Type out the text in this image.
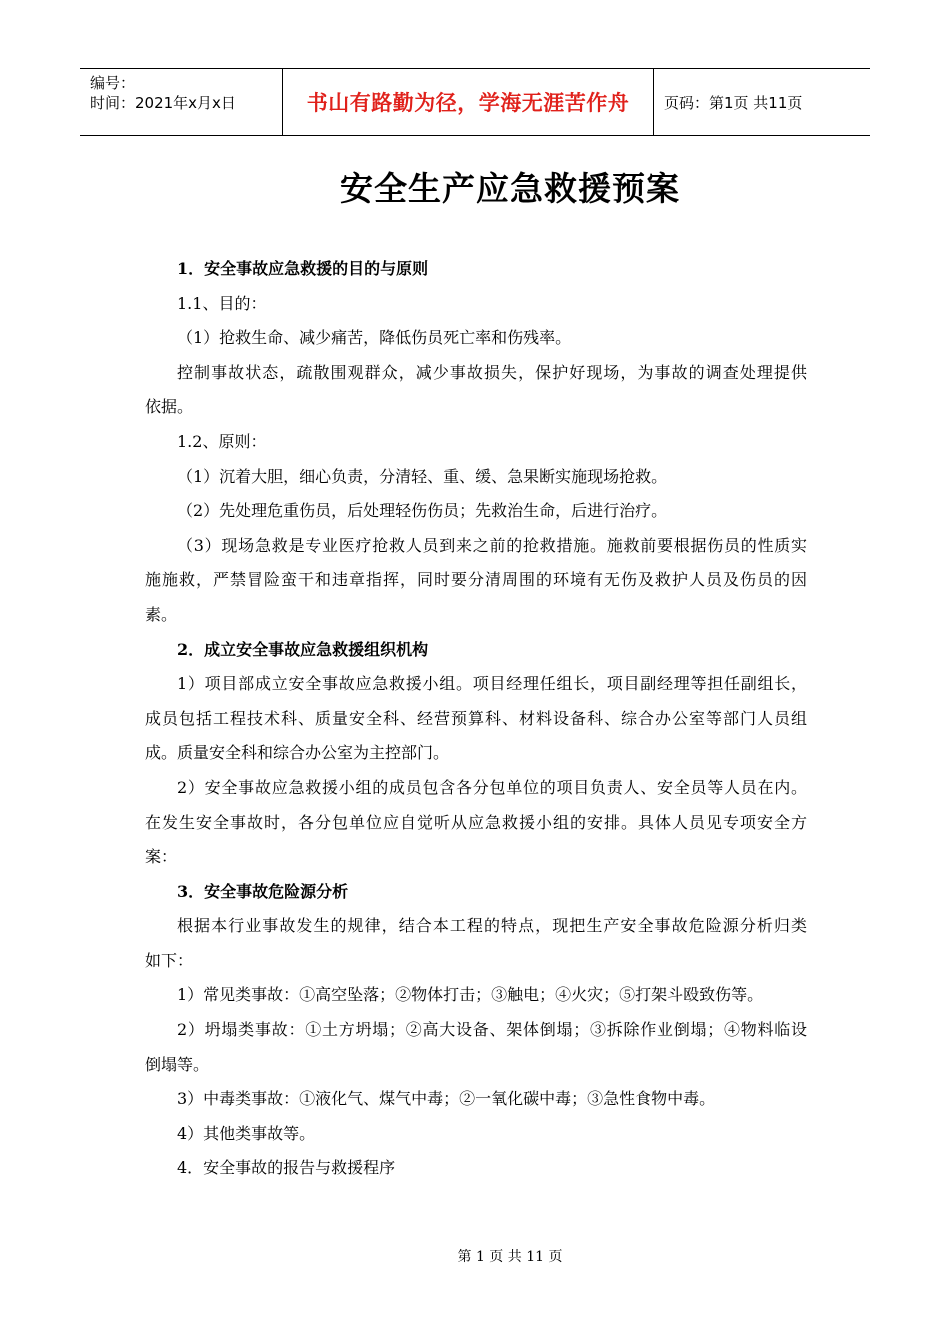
编号：
时间：2021年x月x日	书山有路勤为径，学海无涯苦作舟 页码：第1页 共11页
安全生产应急救援预案
1．安全事故应急救援的目的与原则
1.1、目的：
（1）抢救生命、减少痛苦，降低伤员死亡率和伤残率。
控制事故状态，疏散围观群众，减少事故损失，保护好现场，为事故的调查处理提供
依据。
1.2、原则：
（1）沉着大胆，细心负责，分清轻、重、缓、急果断实施现场抢救。
（2）先处理危重伤员，后处理轻伤伤员；先救治生命，后进行治疗。
（3）现场急救是专业医疗抢救人员到来之前的抢救措施。施救前要根据伤员的性质实
施施救，严禁冒险蛮干和违章指挥，同时要分清周围的环境有无伤及救护人员及伤员的因
素。
2．成立安全事故应急救援组织机构
1）项目部成立安全事故应急救援小组。项目经理任组长，项目副经理等担任副组长，
成员包括工程技术科、质量安全科、经营预算科、材料设备科、综合办公室等部门人员组
成。质量安全科和综合办公室为主控部门。
2）安全事故应急救援小组的成员包含各分包单位的项目负责人、安全员等人员在内。
在发生安全事故时，各分包单位应自觉听从应急救援小组的安排。具体人员见专项安全方
案：
3．安全事故危险源分析
根据本行业事故发生的规律，结合本工程的特点，现把生产安全事故危险源分析归类
如下：
1）常见类事故：①高空坠落；②物体打击；③触电；④火灾；⑤打架斗殴致伤等。
2）坍塌类事故：①土方坍塌；②高大设备、架体倒塌；③拆除作业倒塌；④物料临设
倒塌等。
3）中毒类事故：①液化气、煤气中毒；②一氧化碳中毒；③急性食物中毒。
4）其他类事故等。
4．安全事故的报告与救援程序
第 1 页 共 11 页
